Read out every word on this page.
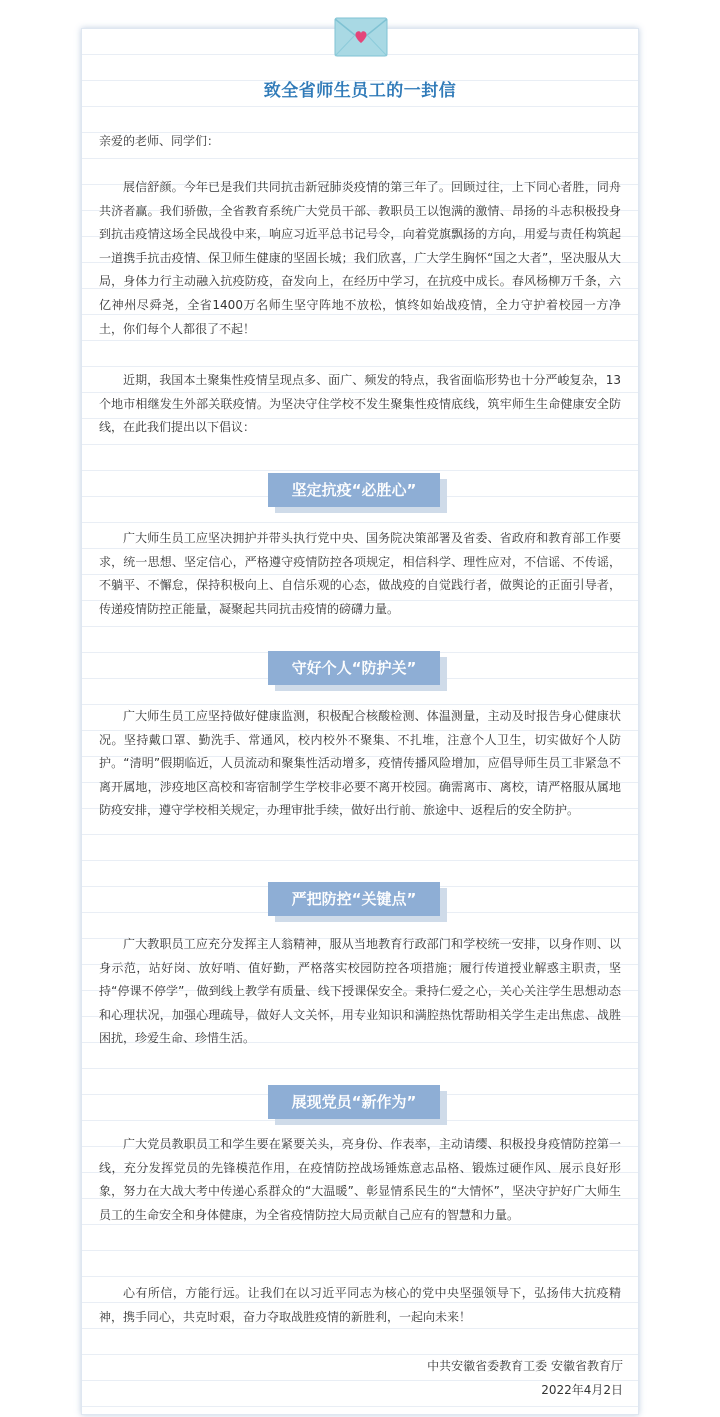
致全省师生员工的一封信

亲爱的老师、同学们：

展信舒颜。今年已是我们共同抗击新冠肺炎疫情的第三年了。回顾过往，上下同心者胜，同舟共济者赢。我们骄傲，全省教育系统广大党员干部、教职员工以饱满的激情、昂扬的斗志积极投身到抗击疫情这场全民战役中来，响应习近平总书记号令，向着党旗飘扬的方向，用爱与责任构筑起一道携手抗击疫情、保卫师生健康的坚固长城；我们欣喜，广大学生胸怀“国之大者”，坚决服从大局，身体力行主动融入抗疫防疫，奋发向上，在经历中学习，在抗疫中成长。春风杨柳万千条，六亿神州尽舜尧，全省1400万名师生坚守阵地不放松，慎终如始战疫情，全力守护着校园一方净土，你们每个人都很了不起！

近期，我国本土聚集性疫情呈现点多、面广、频发的特点，我省面临形势也十分严峻复杂，13个地市相继发生外部关联疫情。为坚决守住学校不发生聚集性疫情底线，筑牢师生生命健康安全防线，在此我们提出以下倡议：

坚定抗疫“必胜心”

广大师生员工应坚决拥护并带头执行党中央、国务院决策部署及省委、省政府和教育部工作要求，统一思想、坚定信心，严格遵守疫情防控各项规定，相信科学、理性应对，不信谣、不传谣，不躺平、不懈怠，保持积极向上、自信乐观的心态，做战疫的自觉践行者，做舆论的正面引导者，传递疫情防控正能量，凝聚起共同抗击疫情的磅礴力量。

守好个人“防护关”

广大师生员工应坚持做好健康监测，积极配合核酸检测、体温测量，主动及时报告身心健康状况。坚持戴口罩、勤洗手、常通风，校内校外不聚集、不扎堆，注意个人卫生，切实做好个人防护。“清明”假期临近，人员流动和聚集性活动增多，疫情传播风险增加，应倡导师生员工非紧急不离开属地，涉疫地区高校和寄宿制学生学校非必要不离开校园。确需离市、离校，请严格服从属地防疫安排，遵守学校相关规定，办理审批手续，做好出行前、旅途中、返程后的安全防护。

严把防控“关键点”

广大教职员工应充分发挥主人翁精神，服从当地教育行政部门和学校统一安排，以身作则、以身示范，站好岗、放好哨、值好勤，严格落实校园防控各项措施；履行传道授业解惑主职责，坚持“停课不停学”，做到线上教学有质量、线下授课保安全。秉持仁爱之心，关心关注学生思想动态和心理状况，加强心理疏导，做好人文关怀，用专业知识和满腔热忱帮助相关学生走出焦虑、战胜困扰，珍爱生命、珍惜生活。

展现党员“新作为”

广大党员教职员工和学生要在紧要关头，亮身份、作表率，主动请缨、积极投身疫情防控第一线，充分发挥党员的先锋模范作用，在疫情防控战场锤炼意志品格、锻炼过硬作风、展示良好形象，努力在大战大考中传递心系群众的“大温暖”、彰显情系民生的“大情怀”，坚决守护好广大师生员工的生命安全和身体健康，为全省疫情防控大局贡献自己应有的智慧和力量。

心有所信，方能行远。让我们在以习近平同志为核心的党中央坚强领导下，弘扬伟大抗疫精神，携手同心，共克时艰，奋力夺取战胜疫情的新胜利，一起向未来！

中共安徽省委教育工委 安徽省教育厅
2022年4月2日
